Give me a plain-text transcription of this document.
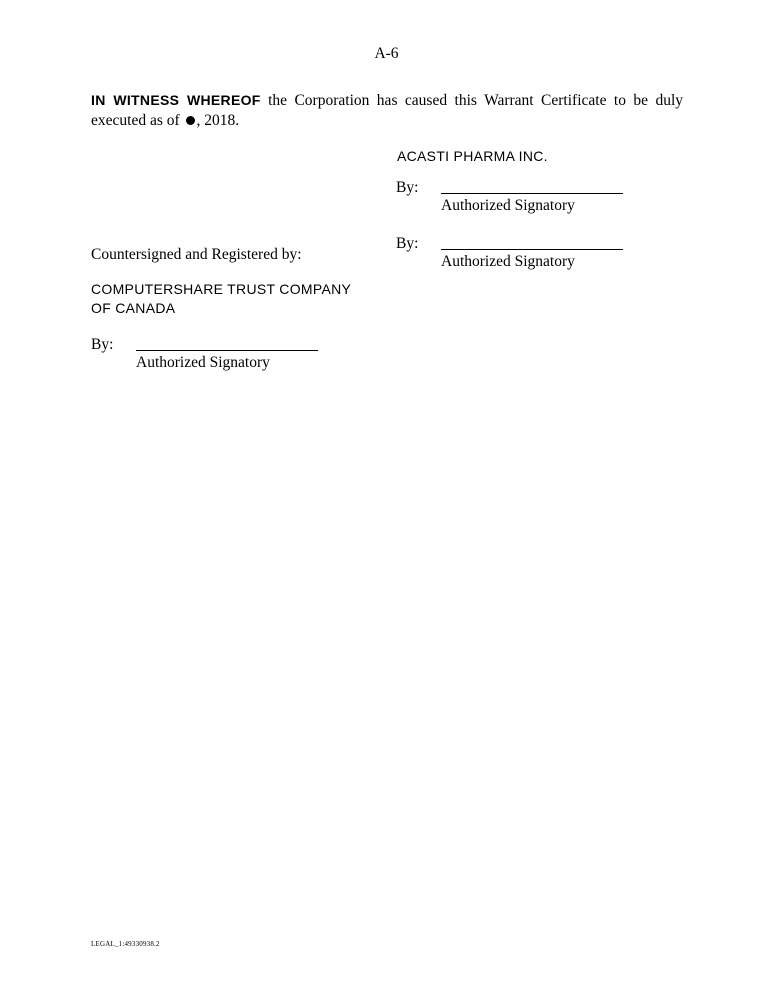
A-6
IN WITNESS WHEREOF the Corporation has caused this Warrant Certificate to be duly executed as of , 2018.
ACASTI PHARMA INC.
By:
Authorized Signatory
By:
Authorized Signatory
Countersigned and Registered by:
COMPUTERSHARE TRUST COMPANY
OF CANADA
By:
Authorized Signatory
LEGAL_1:49330938.2
